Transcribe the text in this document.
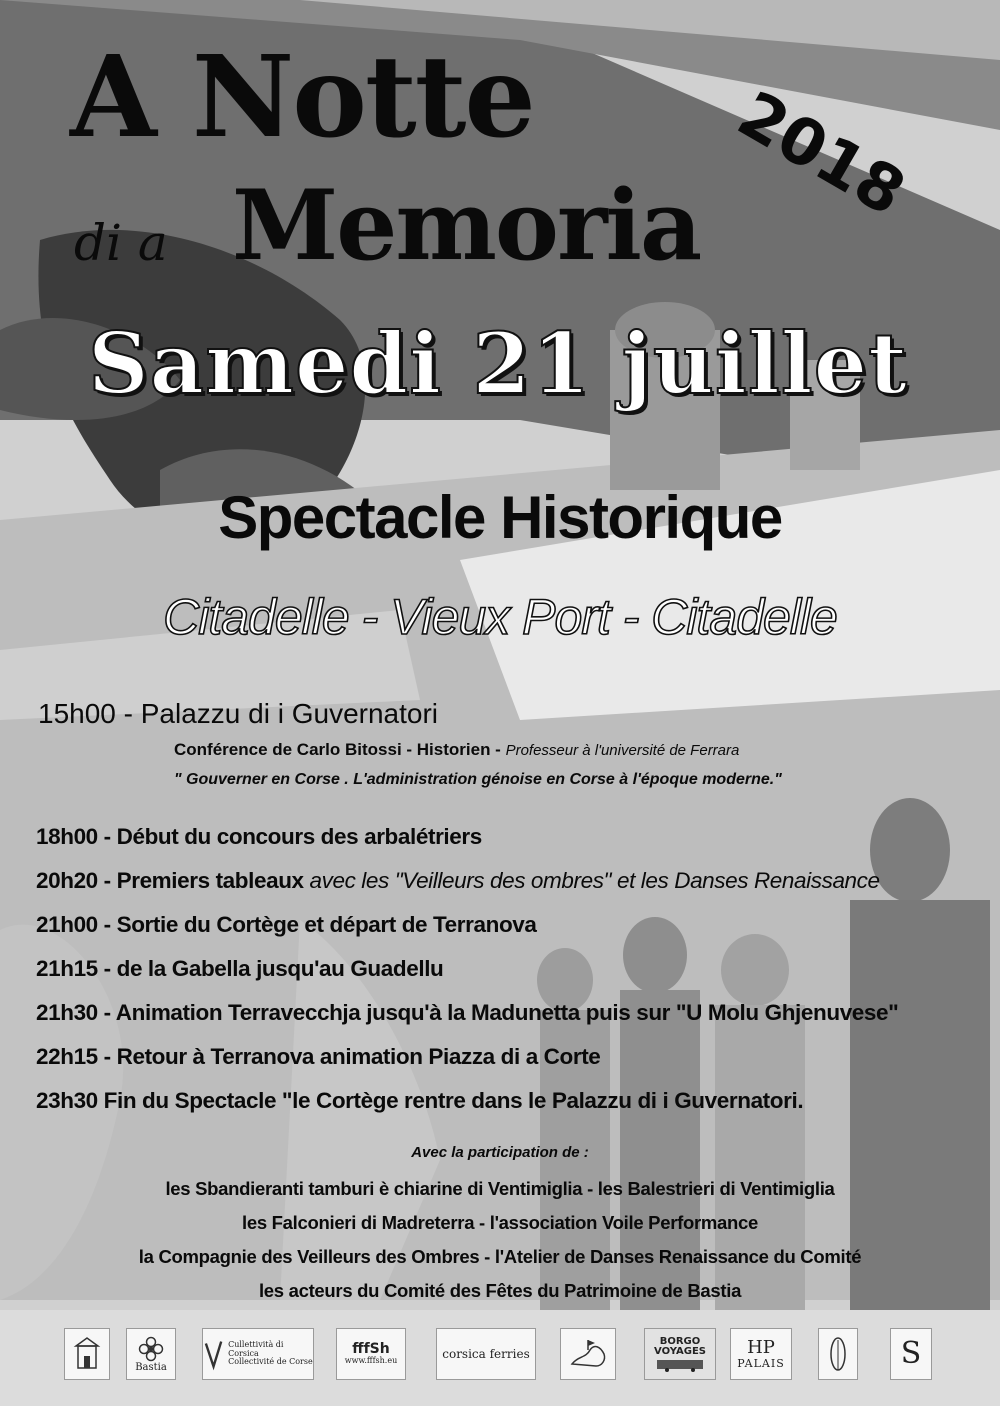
A Notte	2018
di a Memoria
Samedi 21 juillet
Spectacle Historique
Citadelle - Vieux Port - Citadelle
15h00 - Palazzu di i Guvernatori
Conférence de Carlo Bitossi - Historien - Professeur à l'université de Ferrara
" Gouverner en Corse . L'administration génoise en Corse à l'époque moderne."
18h00 - Début du concours des arbalétriers
20h20 - Premiers tableaux avec les "Veilleurs des ombres" et les Danses Renaissance
21h00 - Sortie du Cortège et départ de Terranova
21h15 - de la Gabella jusqu'au Guadellu
21h30 - Animation Terravecchja jusqu'à la Madunetta puis sur "U Molu Ghjenuvese"
22h15 - Retour à Terranova animation Piazza di a Corte
23h30 Fin du Spectacle "le Cortège rentre dans le Palazzu di i Guvernatori.
Avec la participation de :
les Sbandieranti tamburi è chiarine di Ventimiglia - les Balestrieri di Ventimiglia
les Falconieri di Madreterra - l'association Voile Performance
la Compagnie des Veilleurs des Ombres - l'Atelier de Danses Renaissance du Comité
les acteurs du Comité des Fêtes du Patrimoine de Bastia
Bastia
Cullettività di Corsica
Collectivité de Corse
fffSh
www.fffsh.eu	corsica ferries
BORGO
VOYAGES HP
PALAIS	S
